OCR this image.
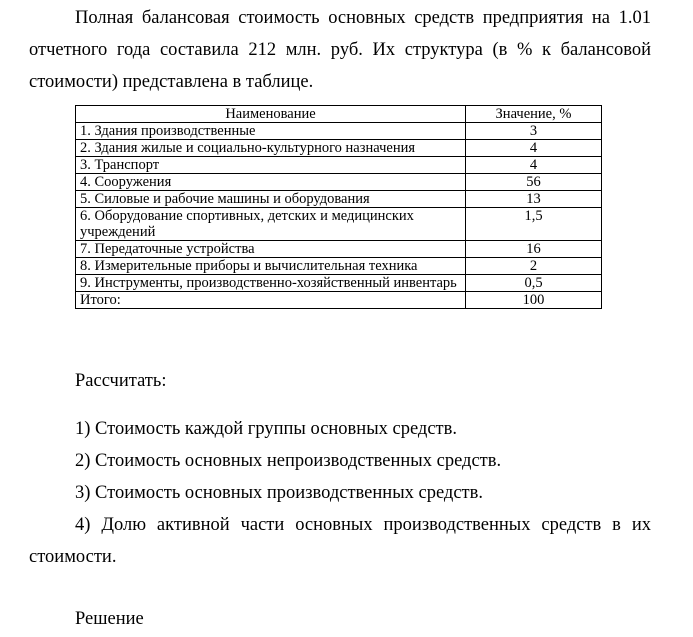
Полная балансовая стоимость основных средств предприятия на 1.01 отчетного года составила 212 млн. руб. Их структура (в % к балансовой стоимости) представлена в таблице.

Наименование	Значение, %
1. Здания производственные	3
2. Здания жилые и социально-культурного назначения	4
3. Транспорт	4
4. Сооружения	56
5. Силовые и рабочие машины и оборудования	13
6. Оборудование спортивных, детских и медицинских учреждений	1,5
7. Передаточные устройства	16
8. Измерительные приборы и вычислительная техника	2
9. Инструменты, производственно-хозяйственный инвентарь	0,5
Итого:	100

Рассчитать:

1) Стоимость каждой группы основных средств.

2) Стоимость основных непроизводственных средств.

3) Стоимость основных производственных средств.

4) Долю активной части основных производственных средств в их стоимости.

Решение
